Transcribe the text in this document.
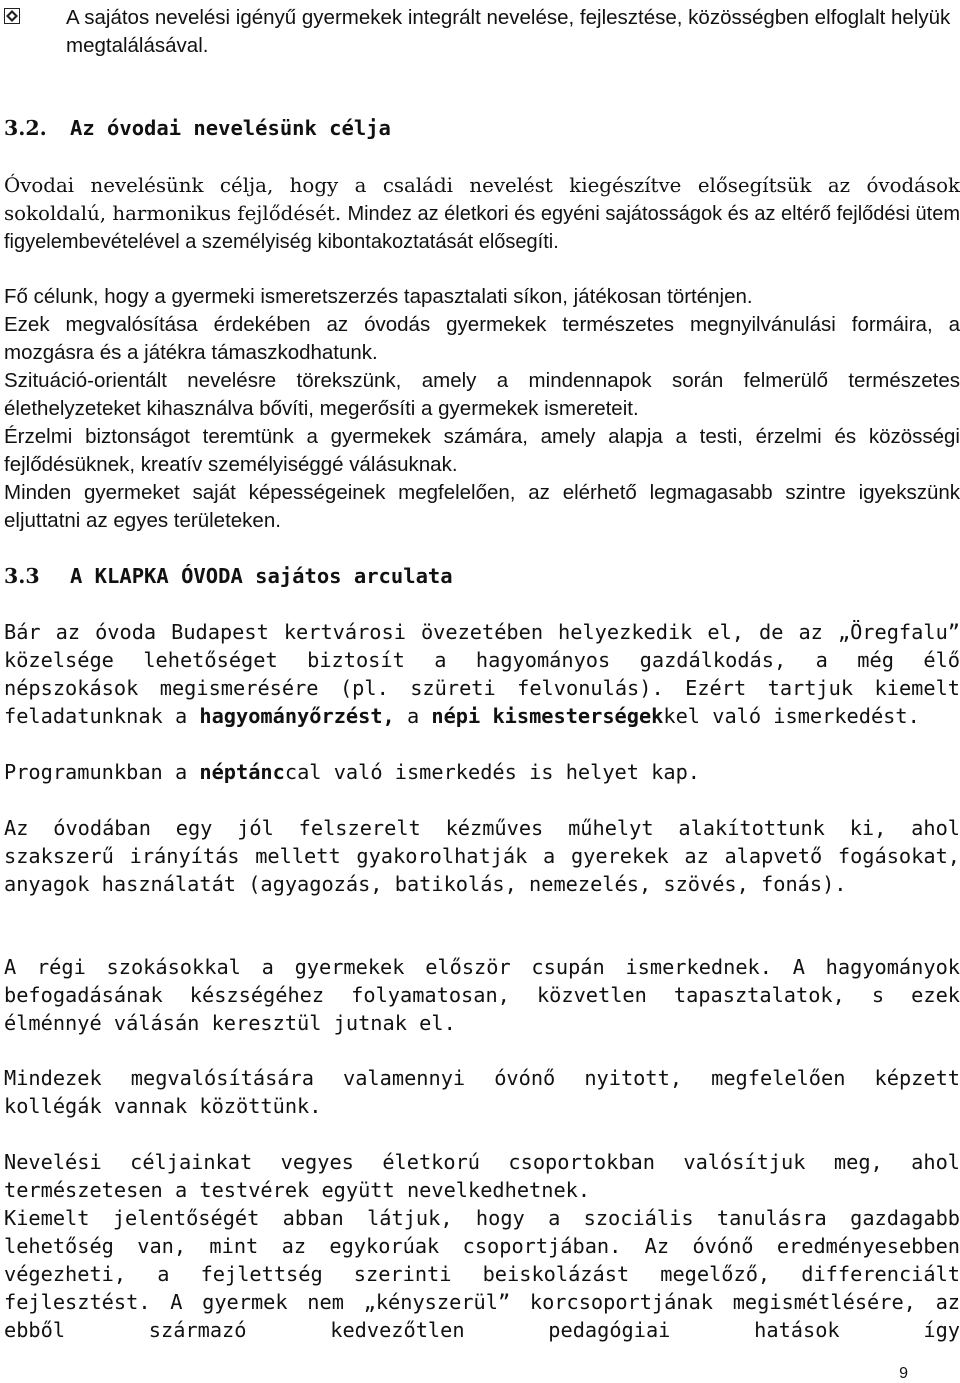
A sajátos nevelési igényű gyermekek integrált nevelése, fejlesztése, közösségben elfoglalt helyük megtalálásával.
3.2. Az óvodai nevelésünk célja
Óvodai nevelésünk célja, hogy a családi nevelést kiegészítve elősegítsük az óvodások sokoldalú, harmonikus fejlődését. Mindez az életkori és egyéni sajátosságok és az eltérő fejlődési ütem figyelembevételével a személyiség kibontakoztatását elősegíti.
Fő célunk, hogy a gyermeki ismeretszerzés tapasztalati síkon, játékosan történjen.
Ezek megvalósítása érdekében az óvodás gyermekek természetes megnyilvánulási formáira, a mozgásra és a játékra támaszkodhatunk.
Szituáció-orientált nevelésre törekszünk, amely a mindennapok során felmerülő természetes élethelyzeteket kihasználva bővíti, megerősíti a gyermekek ismereteit.
Érzelmi biztonságot teremtünk a gyermekek számára, amely alapja a testi, érzelmi és közösségi fejlődésüknek, kreatív személyiséggé válásuknak.
Minden gyermeket saját képességeinek megfelelően, az elérhető legmagasabb szintre igyekszünk eljuttatni az egyes területeken.
3.3 A KLAPKA ÓVODA sajátos arculata
Bár az óvoda Budapest kertvárosi övezetében helyezkedik el, de az „Öregfalu” közelsége lehetőséget biztosít a hagyományos gazdálkodás, a még élő népszokások megismerésére (pl. szüreti felvonulás). Ezért tartjuk kiemelt feladatunknak a hagyományőrzést, a népi kismesterségekkel való ismerkedést.
Programunkban a néptánccal való ismerkedés is helyet kap.
Az óvodában egy jól felszerelt kézműves műhelyt alakítottunk ki, ahol szakszerű irányítás mellett gyakorolhatják a gyerekek az alapvető fogásokat, anyagok használatát (agyagozás, batikolás, nemezelés, szövés, fonás).
A régi szokásokkal a gyermekek először csupán ismerkednek. A hagyományok befogadásának készségéhez folyamatosan, közvetlen tapasztalatok, s ezek élménnyé válásán keresztül jutnak el.
Mindezek megvalósítására valamennyi óvónő nyitott, megfelelően képzett kollégák vannak közöttünk.
Nevelési céljainkat vegyes életkorú csoportokban valósítjuk meg, ahol természetesen a testvérek együtt nevelkedhetnek.
Kiemelt jelentőségét abban látjuk, hogy a szociális tanulásra gazdagabb lehetőség van, mint az egykorúak csoportjában. Az óvónő eredményesebben végezheti, a fejlettség szerinti beiskolázást megelőző, differenciált fejlesztést. A gyermek nem „kényszerül” korcsoportjának megismétlésére, az ebből származó kedvezőtlen pedagógiai hatások így
9
